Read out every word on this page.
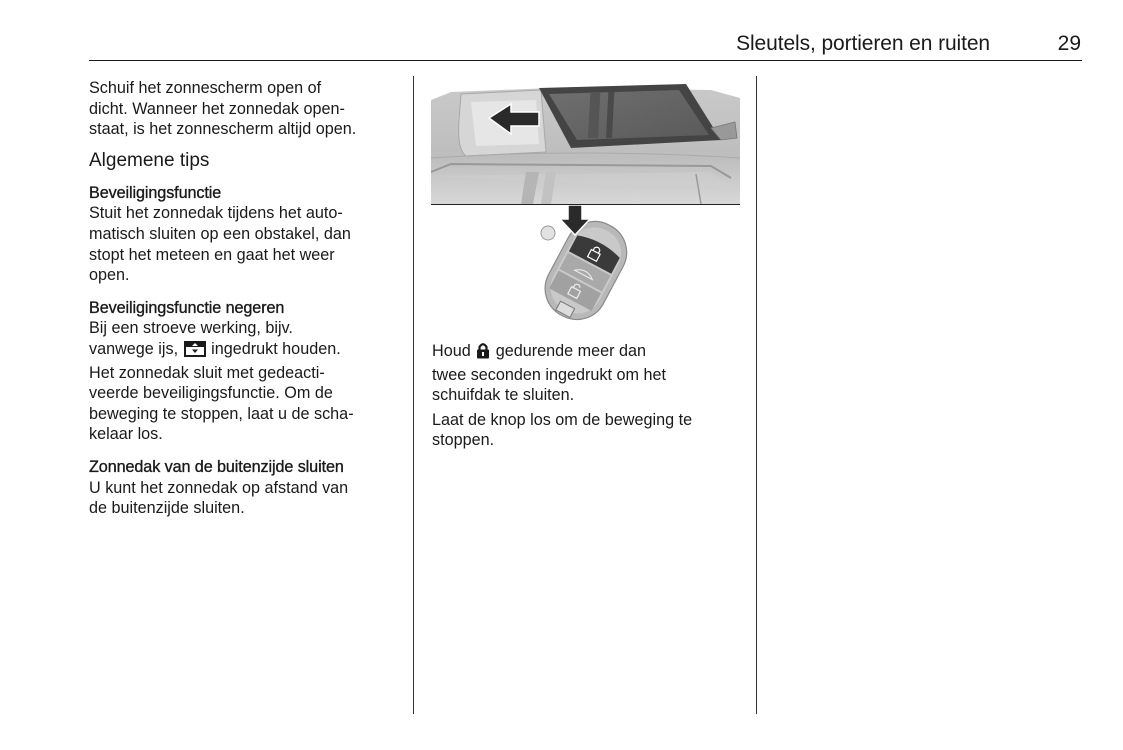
Sleutels, portieren en ruiten	29
Schuif het zonnescherm open of
dicht. Wanneer het zonnedak open-
staat, is het zonnescherm altijd open.
Algemene tips
Beveiligingsfunctie
Stuit het zonnedak tijdens het auto-
matisch sluiten op een obstakel, dan
stopt het meteen en gaat het weer
open.
Beveiligingsfunctie negeren
Bij een stroeve werking, bijv.
vanwege ijs, ingedrukt houden.
Het zonnedak sluit met gedeacti-
veerde beveiligingsfunctie. Om de
beweging te stoppen, laat u de scha-
kelaar los.
Zonnedak van de buitenzijde sluiten
U kunt het zonnedak op afstand van
de buitenzijde sluiten.
Houd gedurende meer dan
twee seconden ingedrukt om het
schuifdak te sluiten.
Laat de knop los om de beweging te
stoppen.
